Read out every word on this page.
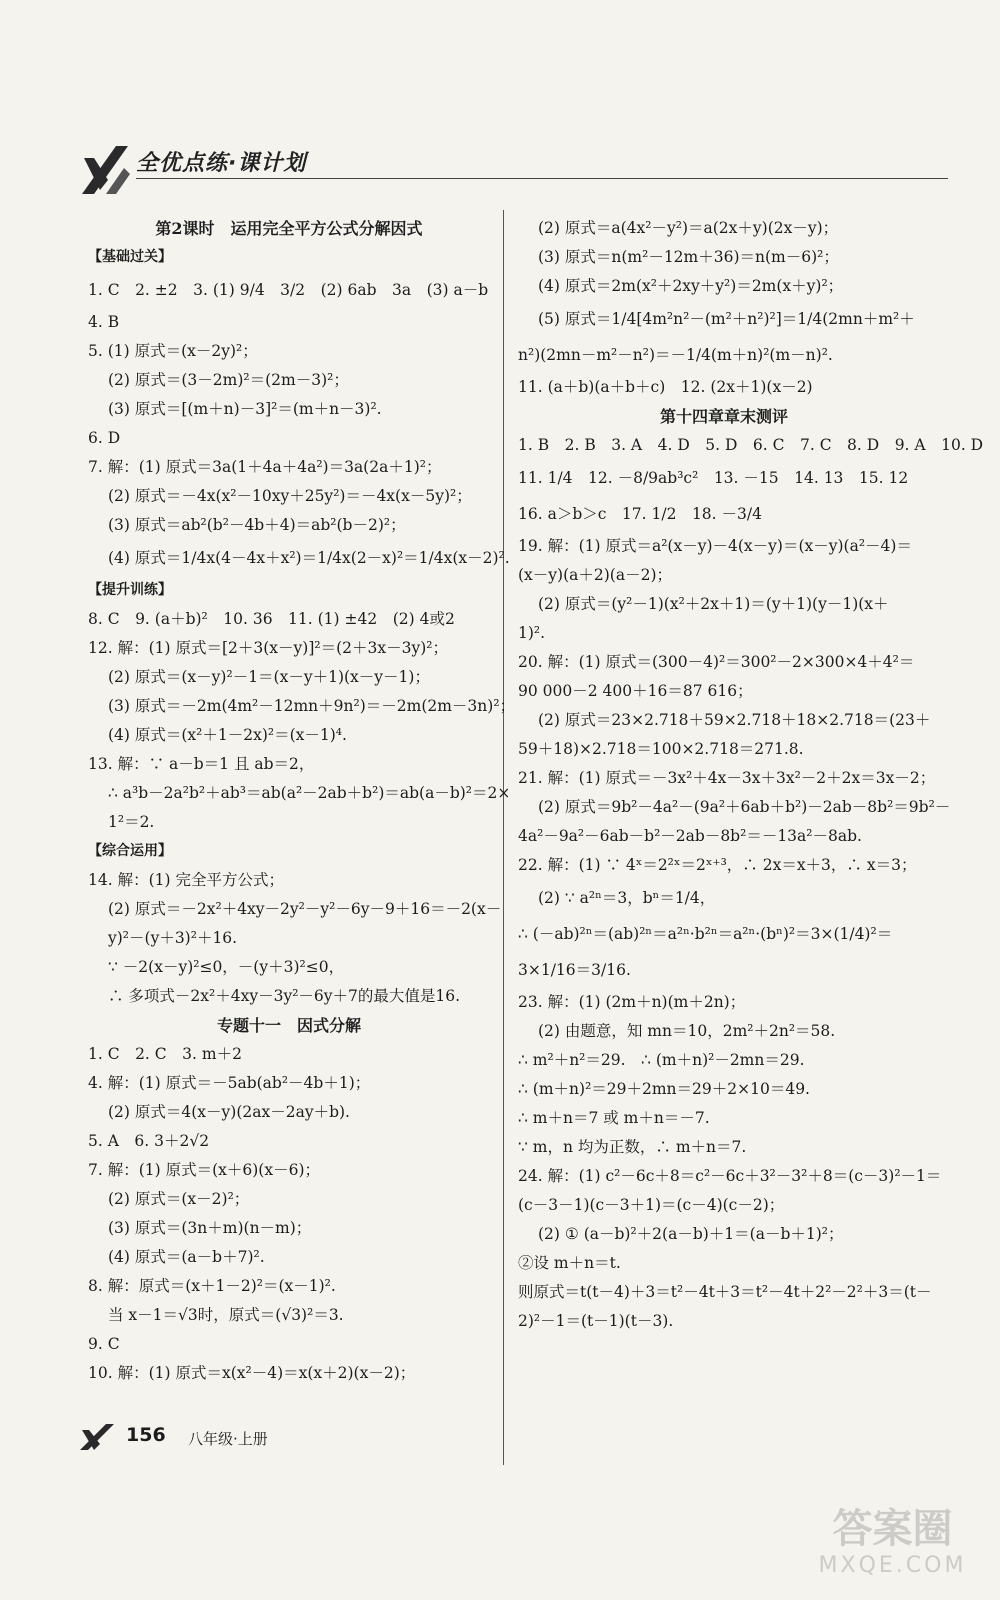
全优点练·课计划
第2课时　运用完全平方公式分解因式
【基础过关】
1. C　2. ±2　3. (1) 9/4　3/2　(2) 6ab　3a　(3) a－b
4. B
5. (1) 原式＝(x－2y)²；
(2) 原式＝(3－2m)²＝(2m－3)²；
(3) 原式＝[(m＋n)－3]²＝(m＋n－3)².
6. D
7. 解：(1) 原式＝3a(1＋4a＋4a²)＝3a(2a＋1)²；
(2) 原式＝－4x(x²－10xy＋25y²)＝－4x(x－5y)²；
(3) 原式＝ab²(b²－4b＋4)＝ab²(b－2)²；
(4) 原式＝1/4x(4－4x＋x²)＝1/4x(2－x)²＝1/4x(x－2)².
【提升训练】
8. C　9. (a＋b)²　10. 36　11. (1) ±42　(2) 4或2
12. 解：(1) 原式＝[2＋3(x－y)]²＝(2＋3x－3y)²；
(2) 原式＝(x－y)²－1＝(x－y＋1)(x－y－1)；
(3) 原式＝－2m(4m²－12mn＋9n²)＝－2m(2m－3n)²；
(4) 原式＝(x²＋1－2x)²＝(x－1)⁴.
13. 解：∵ a－b＝1 且 ab＝2，
∴ a³b－2a²b²＋ab³＝ab(a²－2ab＋b²)＝ab(a－b)²＝2×
1²＝2.
【综合运用】
14. 解：(1) 完全平方公式；
(2) 原式＝－2x²＋4xy－2y²－y²－6y－9＋16＝－2(x－
y)²－(y＋3)²＋16.
∵ －2(x－y)²≤0，－(y＋3)²≤0，
∴ 多项式－2x²＋4xy－3y²－6y＋7的最大值是16.
专题十一　因式分解
1. C　2. C　3. m＋2
4. 解：(1) 原式＝－5ab(ab²－4b＋1)；
(2) 原式＝4(x－y)(2ax－2ay＋b).
5. A　6. 3＋2√2
7. 解：(1) 原式＝(x＋6)(x－6)；
(2) 原式＝(x－2)²；
(3) 原式＝(3n＋m)(n－m)；
(4) 原式＝(a－b＋7)².
8. 解：原式＝(x＋1－2)²＝(x－1)².
当 x－1＝√3时，原式＝(√3)²＝3.
9. C
10. 解：(1) 原式＝x(x²－4)＝x(x＋2)(x－2)；
(2) 原式＝a(4x²－y²)＝a(2x＋y)(2x－y)；
(3) 原式＝n(m²－12m＋36)＝n(m－6)²；
(4) 原式＝2m(x²＋2xy＋y²)＝2m(x＋y)²；
(5) 原式＝1/4[4m²n²－(m²＋n²)²]＝1/4(2mn＋m²＋
n²)(2mn－m²－n²)＝－1/4(m＋n)²(m－n)².
11. (a＋b)(a＋b＋c)　12. (2x＋1)(x－2)
第十四章章末测评
1. B　2. B　3. A　4. D　5. D　6. C　7. C　8. D　9. A　10. D
11. 1/4　12. －8/9ab³c²　13. －15　14. 13　15. 12
16. a＞b＞c　17. 1/2　18. －3/4
19. 解：(1) 原式＝a²(x－y)－4(x－y)＝(x－y)(a²－4)＝
(x－y)(a＋2)(a－2)；
(2) 原式＝(y²－1)(x²＋2x＋1)＝(y＋1)(y－1)(x＋
1)².
20. 解：(1) 原式＝(300－4)²＝300²－2×300×4＋4²＝
90 000－2 400＋16＝87 616；
(2) 原式＝23×2.718＋59×2.718＋18×2.718＝(23＋
59＋18)×2.718＝100×2.718＝271.8.
21. 解：(1) 原式＝－3x²＋4x－3x＋3x²－2＋2x＝3x－2；
(2) 原式＝9b²－4a²－(9a²＋6ab＋b²)－2ab－8b²＝9b²－
4a²－9a²－6ab－b²－2ab－8b²＝－13a²－8ab.
22. 解：(1) ∵ 4ˣ＝2²ˣ＝2ˣ⁺³，∴ 2x＝x＋3，∴ x＝3；
(2) ∵ a²ⁿ＝3，bⁿ＝1/4，
∴ (－ab)²ⁿ＝(ab)²ⁿ＝a²ⁿ·b²ⁿ＝a²ⁿ·(bⁿ)²＝3×(1/4)²＝
3×1/16＝3/16.
23. 解：(1) (2m＋n)(m＋2n)；
(2) 由题意，知 mn＝10，2m²＋2n²＝58.
∴ m²＋n²＝29.　∴ (m＋n)²－2mn＝29.
∴ (m＋n)²＝29＋2mn＝29＋2×10＝49.
∴ m＋n＝7 或 m＋n＝－7.
∵ m，n 均为正数，∴ m＋n＝7.
24. 解：(1) c²－6c＋8＝c²－6c＋3²－3²＋8＝(c－3)²－1＝
(c－3－1)(c－3＋1)＝(c－4)(c－2)；
(2) ① (a－b)²＋2(a－b)＋1＝(a－b＋1)²；
②设 m＋n＝t.
则原式＝t(t－4)＋3＝t²－4t＋3＝t²－4t＋2²－2²＋3＝(t－
2)²－1＝(t－1)(t－3).
156 八年级·上册
答案圈
MXQE.COM
